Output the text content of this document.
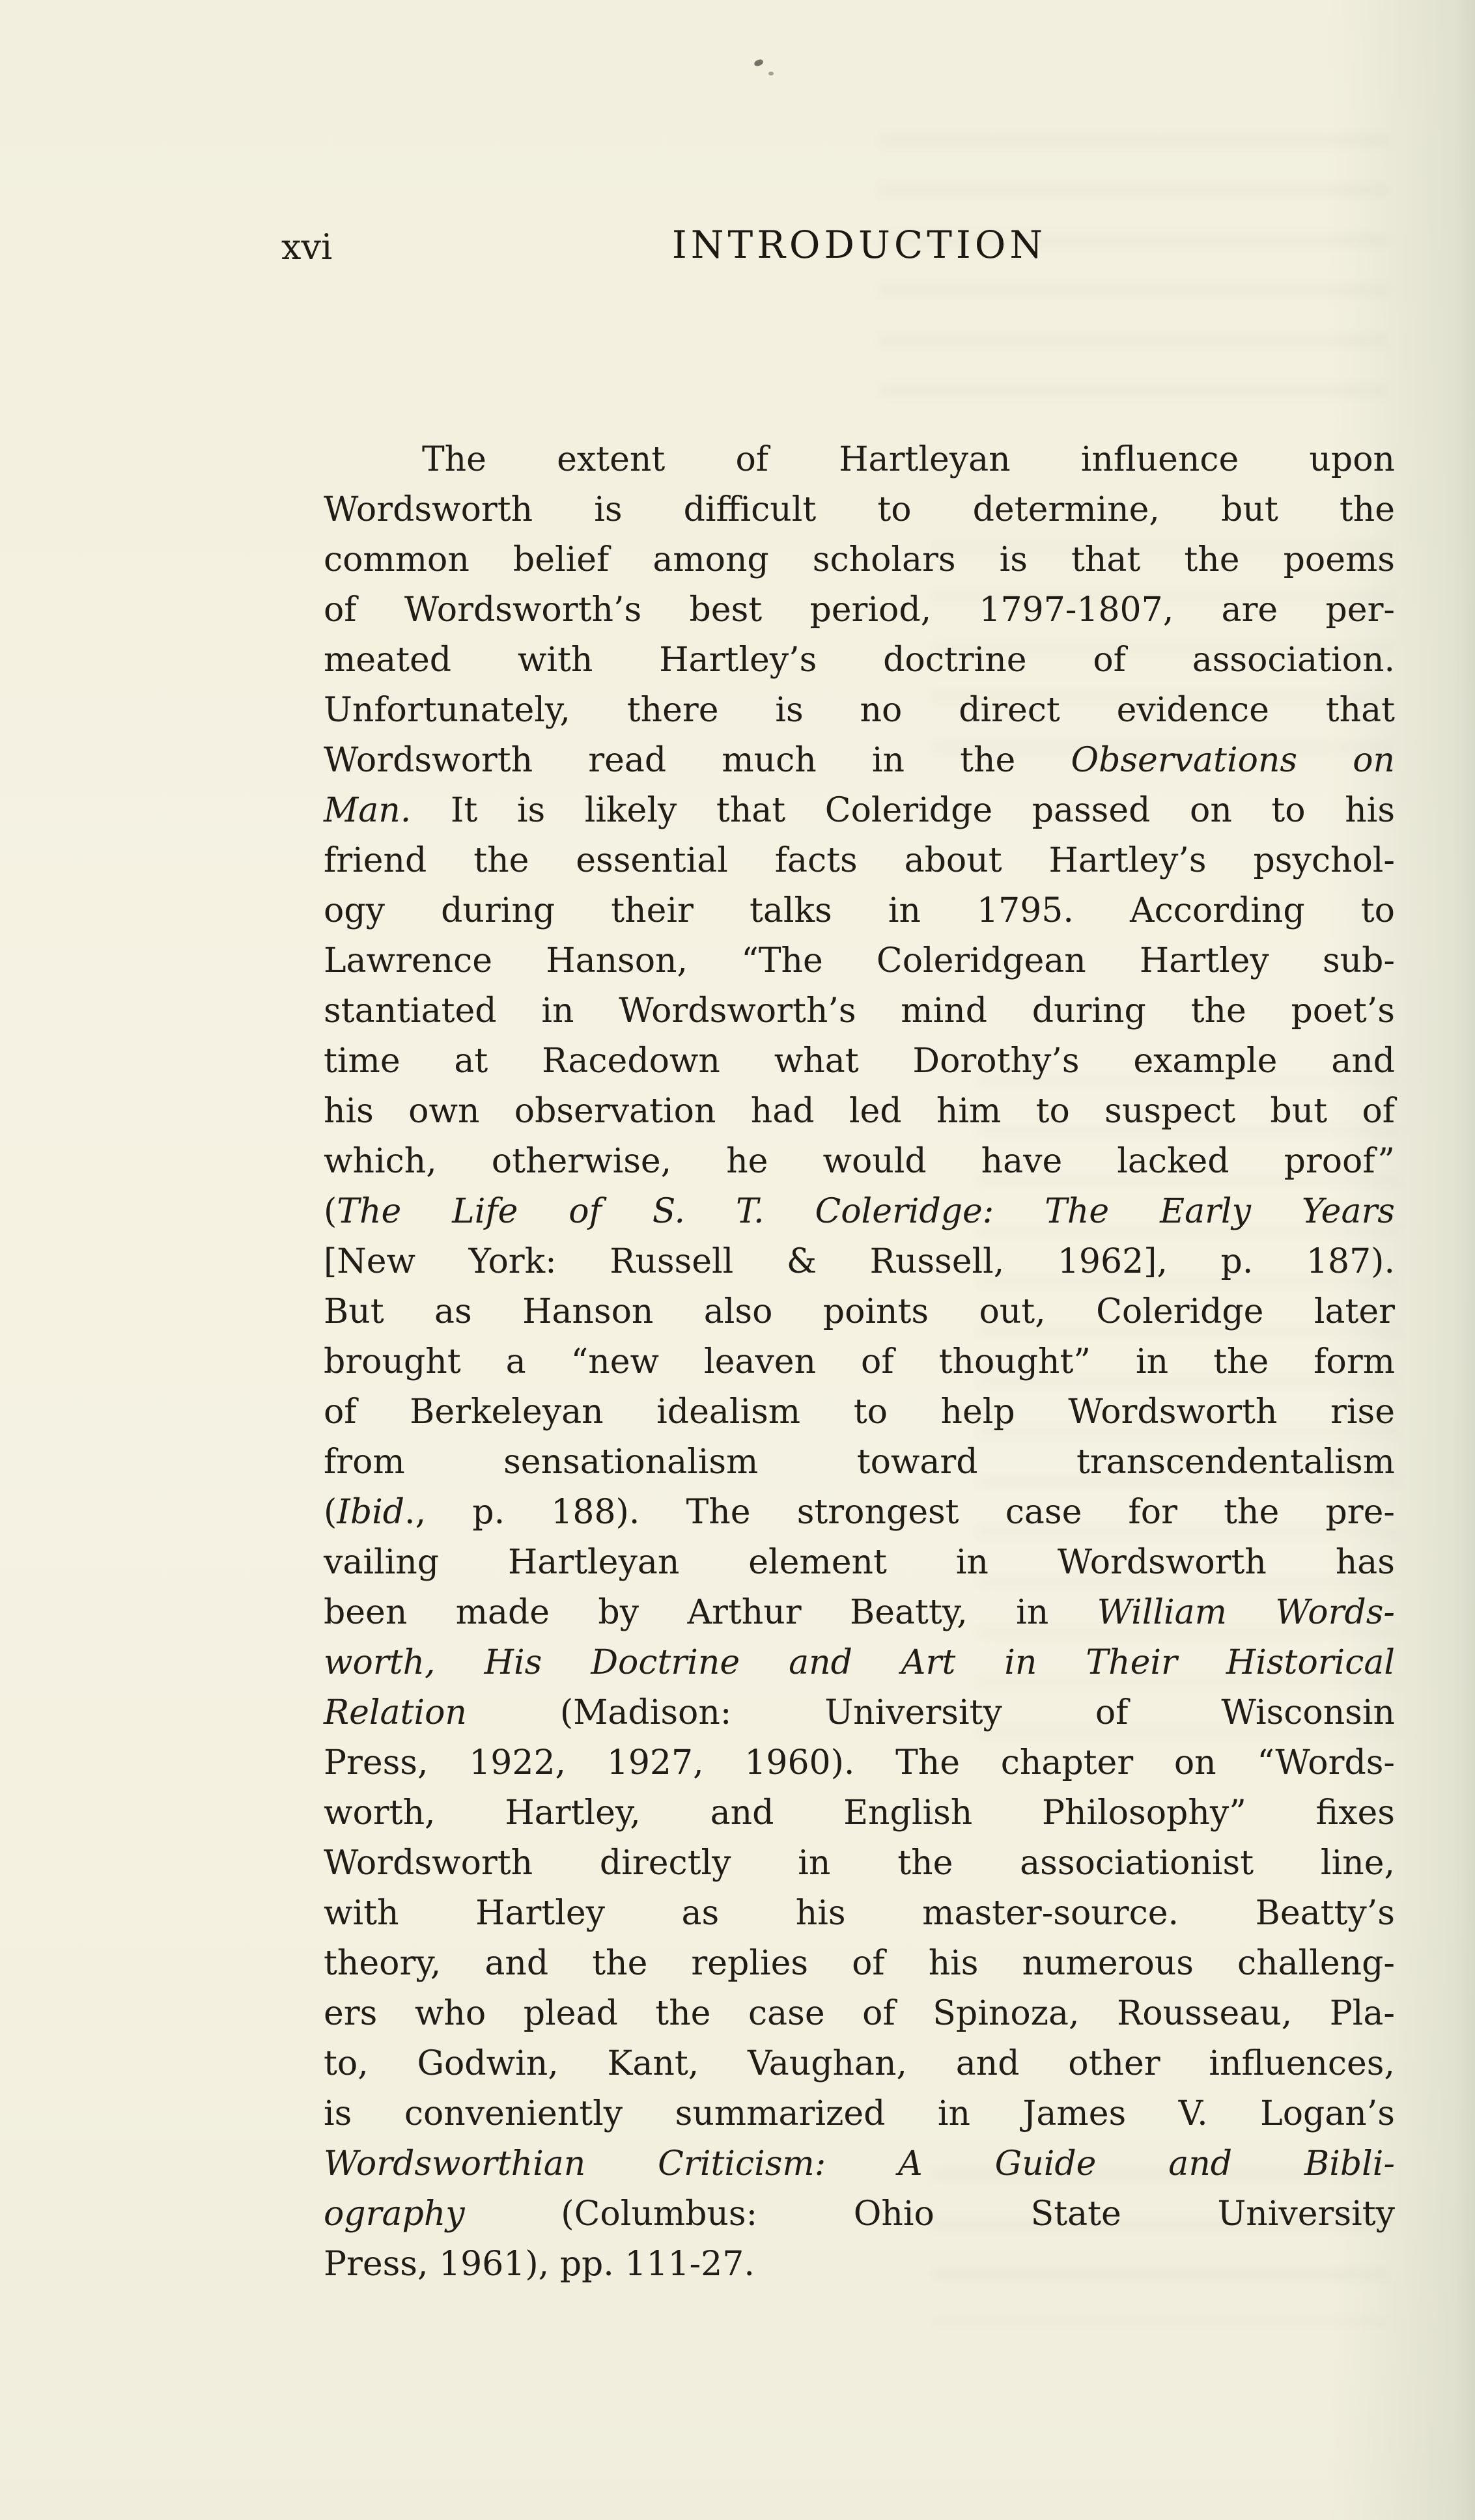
xvi	INTRODUCTION
The extent of Hartleyan influence upon
Wordsworth is difficult to determine, but the
common belief among scholars is that the poems
of Wordsworth’s best period, 1797-1807, are per-
meated with Hartley’s doctrine of association.
Unfortunately, there is no direct evidence that
Wordsworth read much in the Observations on
Man. It is likely that Coleridge passed on to his
friend the essential facts about Hartley’s psychol-
ogy during their talks in 1795. According to
Lawrence Hanson, “The Coleridgean Hartley sub-
stantiated in Wordsworth’s mind during the poet’s
time at Racedown what Dorothy’s example and
his own observation had led him to suspect but of
which, otherwise, he would have lacked proof”
(The Life of S. T. Coleridge: The Early Years
[New York: Russell & Russell, 1962], p. 187).
But as Hanson also points out, Coleridge later
brought a “new leaven of thought” in the form
of Berkeleyan idealism to help Wordsworth rise
from sensationalism toward transcendentalism
(Ibid., p. 188). The strongest case for the pre-
vailing Hartleyan element in Wordsworth has
been made by Arthur Beatty, in William Words-
worth, His Doctrine and Art in Their Historical
Relation (Madison: University of Wisconsin
Press, 1922, 1927, 1960). The chapter on “Words-
worth, Hartley, and English Philosophy” fixes
Wordsworth directly in the associationist line,
with Hartley as his master-source. Beatty’s
theory, and the replies of his numerous challeng-
ers who plead the case of Spinoza, Rousseau, Pla-
to, Godwin, Kant, Vaughan, and other influences,
is conveniently summarized in James V. Logan’s
Wordsworthian Criticism: A Guide and Bibli-
ography (Columbus: Ohio State University
Press, 1961), pp. 111-27.
